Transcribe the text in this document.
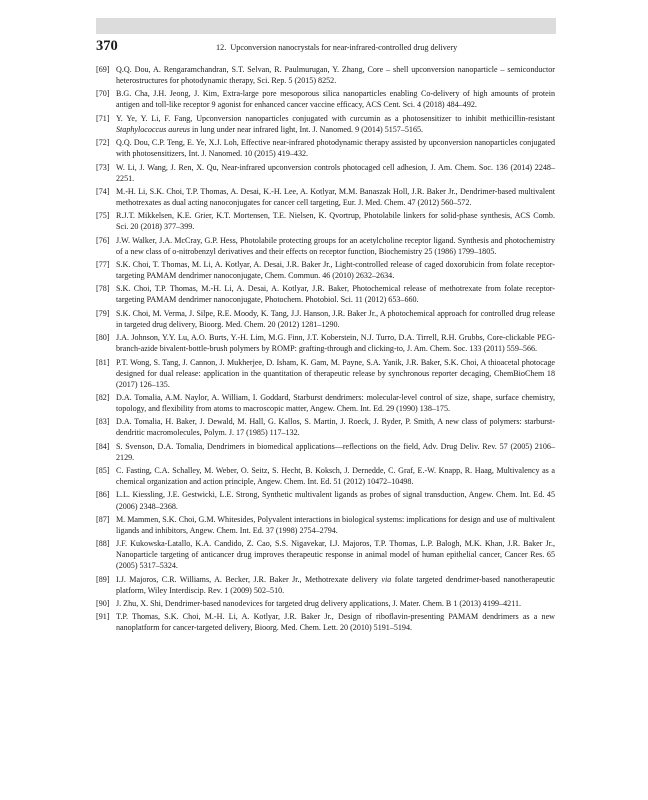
370	12.  Upconversion nanocrystals for near-infrared-controlled drug delivery
[69] Q.Q. Dou, A. Rengaramchandran, S.T. Selvan, R. Paulmurugan, Y. Zhang, Core – shell upconversion nanoparticle – semiconductor heterostructures for photodynamic therapy, Sci. Rep. 5 (2015) 8252.
[70] B.G. Cha, J.H. Jeong, J. Kim, Extra-large pore mesoporous silica nanoparticles enabling Co-delivery of high amounts of protein antigen and toll-like receptor 9 agonist for enhanced cancer vaccine efficacy, ACS Cent. Sci. 4 (2018) 484–492.
[71] Y. Ye, Y. Li, F. Fang, Upconversion nanoparticles conjugated with curcumin as a photosensitizer to inhibit methicillin-resistant Staphylococcus aureus in lung under near infrared light, Int. J. Nanomed. 9 (2014) 5157–5165.
[72] Q.Q. Dou, C.P. Teng, E. Ye, X.J. Loh, Effective near-infrared photodynamic therapy assisted by upconversion nanoparticles conjugated with photosensitizers, Int. J. Nanomed. 10 (2015) 419–432.
[73] W. Li, J. Wang, J. Ren, X. Qu, Near-infrared upconversion controls photocaged cell adhesion, J. Am. Chem. Soc. 136 (2014) 2248–2251.
[74] M.-H. Li, S.K. Choi, T.P. Thomas, A. Desai, K.-H. Lee, A. Kotlyar, M.M. Banaszak Holl, J.R. Baker Jr., Dendrimer-based multivalent methotrexates as dual acting nanoconjugates for cancer cell targeting, Eur. J. Med. Chem. 47 (2012) 560–572.
[75] R.J.T. Mikkelsen, K.E. Grier, K.T. Mortensen, T.E. Nielsen, K. Qvortrup, Photolabile linkers for solid-phase synthesis, ACS Comb. Sci. 20 (2018) 377–399.
[76] J.W. Walker, J.A. McCray, G.P. Hess, Photolabile protecting groups for an acetylcholine receptor ligand. Synthesis and photochemistry of a new class of o-nitrobenzyl derivatives and their effects on receptor function, Biochemistry 25 (1986) 1799–1805.
[77] S.K. Choi, T. Thomas, M. Li, A. Kotlyar, A. Desai, J.R. Baker Jr., Light-controlled release of caged doxorubicin from folate receptor-targeting PAMAM dendrimer nanoconjugate, Chem. Commun. 46 (2010) 2632–2634.
[78] S.K. Choi, T.P. Thomas, M.-H. Li, A. Desai, A. Kotlyar, J.R. Baker, Photochemical release of methotrexate from folate receptor-targeting PAMAM dendrimer nanoconjugate, Photochem. Photobiol. Sci. 11 (2012) 653–660.
[79] S.K. Choi, M. Verma, J. Silpe, R.E. Moody, K. Tang, J.J. Hanson, J.R. Baker Jr., A photochemical approach for controlled drug release in targeted drug delivery, Bioorg. Med. Chem. 20 (2012) 1281–1290.
[80] J.A. Johnson, Y.Y. Lu, A.O. Burts, Y.-H. Lim, M.G. Finn, J.T. Koberstein, N.J. Turro, D.A. Tirrell, R.H. Grubbs, Core-clickable PEG-branch-azide bivalent-bottle-brush polymers by ROMP: grafting-through and clicking-to, J. Am. Chem. Soc. 133 (2011) 559–566.
[81] P.T. Wong, S. Tang, J. Cannon, J. Mukherjee, D. Isham, K. Gam, M. Payne, S.A. Yanik, J.R. Baker, S.K. Choi, A thioacetal photocage designed for dual release: application in the quantitation of therapeutic release by synchronous reporter decaging, ChemBioChem 18 (2017) 126–135.
[82] D.A. Tomalia, A.M. Naylor, A. William, I. Goddard, Starburst dendrimers: molecular-level control of size, shape, surface chemistry, topology, and flexibility from atoms to macroscopic matter, Angew. Chem. Int. Ed. 29 (1990) 138–175.
[83] D.A. Tomalia, H. Baker, J. Dewald, M. Hall, G. Kallos, S. Martin, J. Roeck, J. Ryder, P. Smith, A new class of polymers: starburst-dendritic macromolecules, Polym. J. 17 (1985) 117–132.
[84] S. Svenson, D.A. Tomalia, Dendrimers in biomedical applications—reflections on the field, Adv. Drug Deliv. Rev. 57 (2005) 2106–2129.
[85] C. Fasting, C.A. Schalley, M. Weber, O. Seitz, S. Hecht, B. Koksch, J. Dernedde, C. Graf, E.-W. Knapp, R. Haag, Multivalency as a chemical organization and action principle, Angew. Chem. Int. Ed. 51 (2012) 10472–10498.
[86] L.L. Kiessling, J.E. Gestwicki, L.E. Strong, Synthetic multivalent ligands as probes of signal transduction, Angew. Chem. Int. Ed. 45 (2006) 2348–2368.
[87] M. Mammen, S.K. Choi, G.M. Whitesides, Polyvalent interactions in biological systems: implications for design and use of multivalent ligands and inhibitors, Angew. Chem. Int. Ed. 37 (1998) 2754–2794.
[88] J.F. Kukowska-Latallo, K.A. Candido, Z. Cao, S.S. Nigavekar, I.J. Majoros, T.P. Thomas, L.P. Balogh, M.K. Khan, J.R. Baker Jr., Nanoparticle targeting of anticancer drug improves therapeutic response in animal model of human epithelial cancer, Cancer Res. 65 (2005) 5317–5324.
[89] I.J. Majoros, C.R. Williams, A. Becker, J.R. Baker Jr., Methotrexate delivery via folate targeted dendrimer-based nanotherapeutic platform, Wiley Interdiscip. Rev. 1 (2009) 502–510.
[90] J. Zhu, X. Shi, Dendrimer-based nanodevices for targeted drug delivery applications, J. Mater. Chem. B 1 (2013) 4199–4211.
[91] T.P. Thomas, S.K. Choi, M.-H. Li, A. Kotlyar, J.R. Baker Jr., Design of riboflavin-presenting PAMAM dendrimers as a new nanoplatform for cancer-targeted delivery, Bioorg. Med. Chem. Lett. 20 (2010) 5191–5194.
